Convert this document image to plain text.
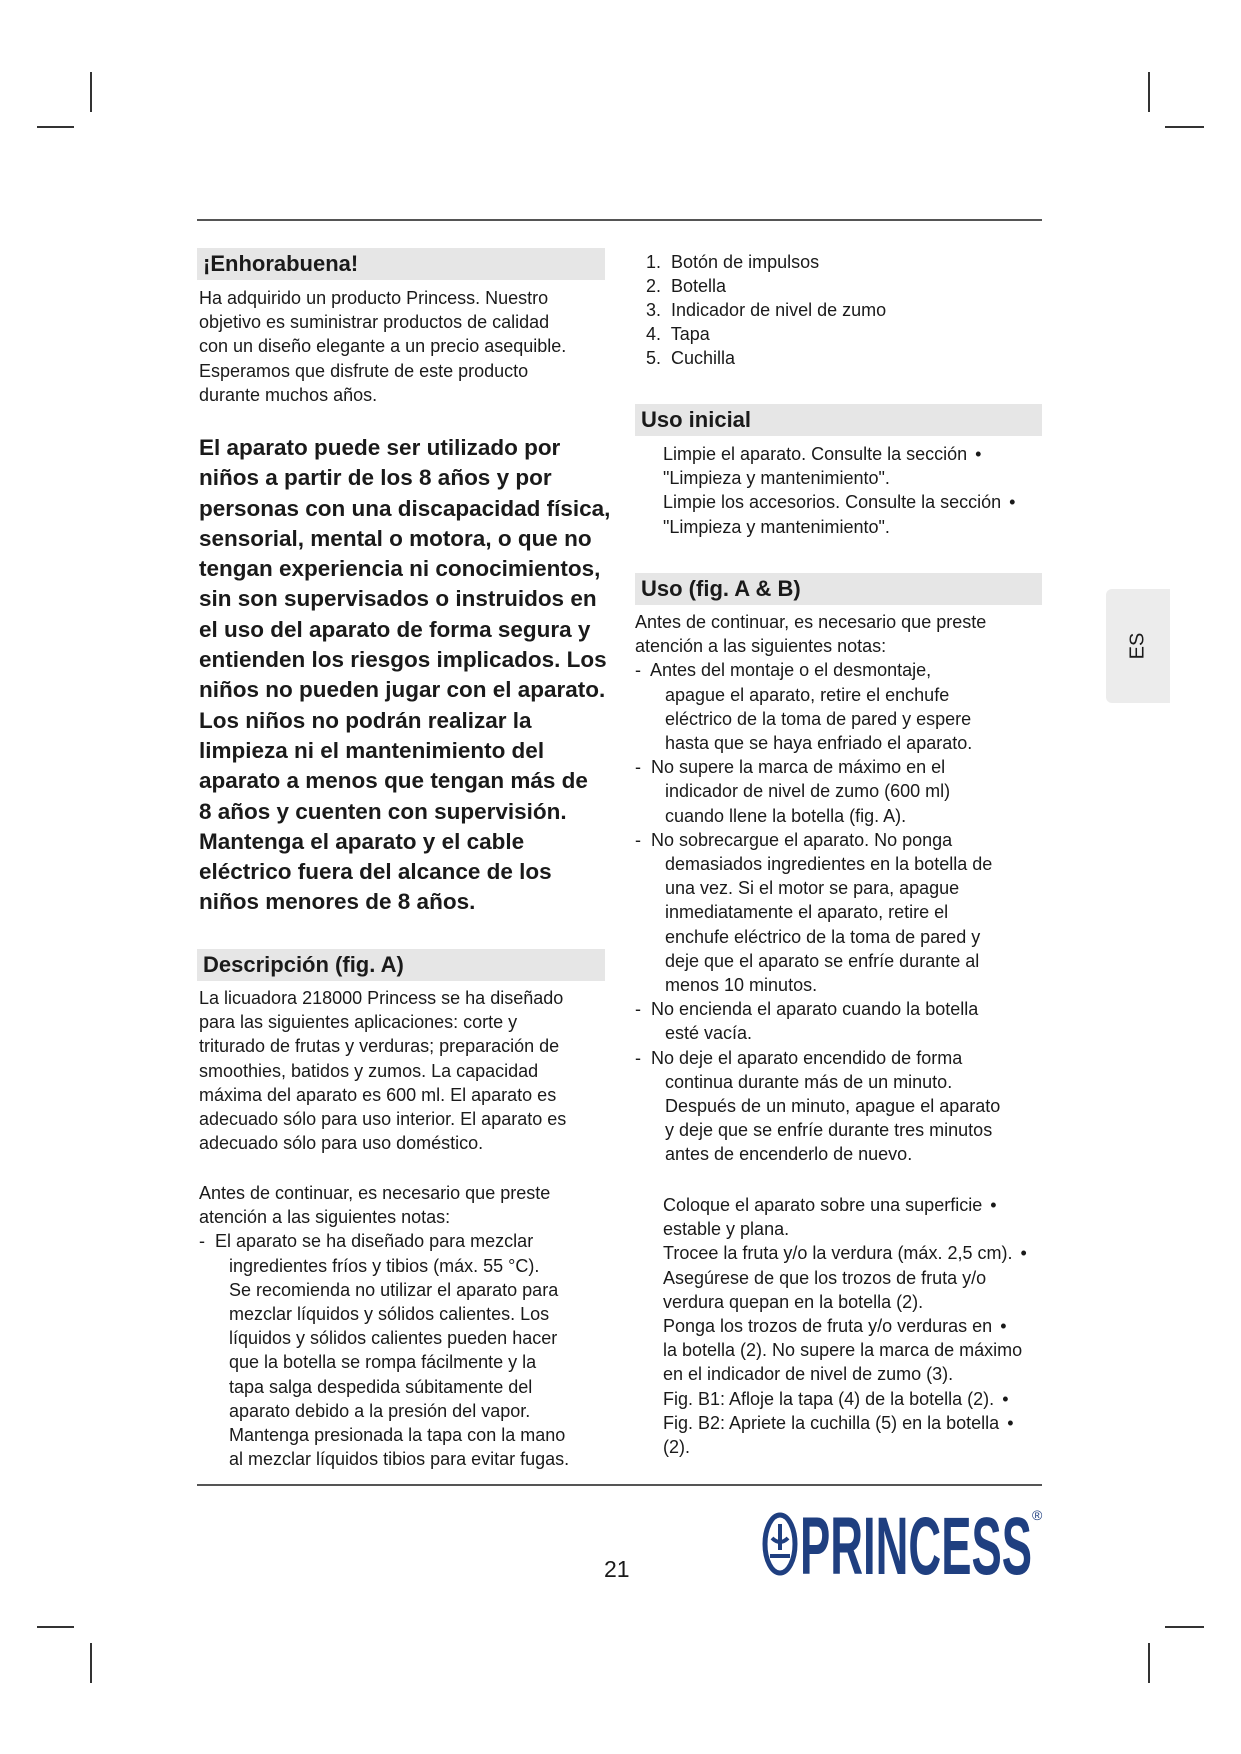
¡Enhorabuena!
Ha adquirido un producto Princess. Nuestro
objetivo es suministrar productos de calidad
con un diseño elegante a un precio asequible.
Esperamos que disfrute de este producto
durante muchos años.
El aparato puede ser utilizado por
niños a partir de los 8 años y por
personas con una discapacidad física,
sensorial, mental o motora, o que no
tengan experiencia ni conocimientos,
sin son supervisados o instruidos en
el uso del aparato de forma segura y
entienden los riesgos implicados. Los
niños no pueden jugar con el aparato.
Los niños no podrán realizar la
limpieza ni el mantenimiento del
aparato a menos que tengan más de
8 años y cuenten con supervisión.
Mantenga el aparato y el cable
eléctrico fuera del alcance de los
niños menores de 8 años.
Descripción (fig. A)
La licuadora 218000 Princess se ha diseñado
para las siguientes aplicaciones: corte y
triturado de frutas y verduras; preparación de
smoothies, batidos y zumos. La capacidad
máxima del aparato es 600 ml. El aparato es
adecuado sólo para uso interior. El aparato es
adecuado sólo para uso doméstico.
Antes de continuar, es necesario que preste
atención a las siguientes notas:
-  El aparato se ha diseñado para mezclar
ingredientes fríos y tibios (máx. 55 °C).
Se recomienda no utilizar el aparato para
mezclar líquidos y sólidos calientes. Los
líquidos y sólidos calientes pueden hacer
que la botella se rompa fácilmente y la
tapa salga despedida súbitamente del
aparato debido a la presión del vapor.
Mantenga presionada la tapa con la mano
al mezclar líquidos tibios para evitar fugas.
1.  Botón de impulsos
2.  Botella
3.  Indicador de nivel de zumo
4.  Tapa
5.  Cuchilla
Uso inicial
Limpie el aparato. Consulte la sección •
"Limpieza y mantenimiento".
Limpie los accesorios. Consulte la sección •
"Limpieza y mantenimiento".
Uso (fig. A & B)
Antes de continuar, es necesario que preste
atención a las siguientes notas:
-  Antes del montaje o el desmontaje,
apague el aparato, retire el enchufe
eléctrico de la toma de pared y espere
hasta que se haya enfriado el aparato.
-  No supere la marca de máximo en el
indicador de nivel de zumo (600 ml)
cuando llene la botella (fig. A).
-  No sobrecargue el aparato. No ponga
demasiados ingredientes en la botella de
una vez. Si el motor se para, apague
inmediatamente el aparato, retire el
enchufe eléctrico de la toma de pared y
deje que el aparato se enfríe durante al
menos 10 minutos.
-  No encienda el aparato cuando la botella
esté vacía.
-  No deje el aparato encendido de forma
continua durante más de un minuto.
Después de un minuto, apague el aparato
y deje que se enfríe durante tres minutos
antes de encenderlo de nuevo.
Coloque el aparato sobre una superficie •
estable y plana.
Trocee la fruta y/o la verdura (máx. 2,5 cm). •
Asegúrese de que los trozos de fruta y/o
verdura quepan en la botella (2).
Ponga los trozos de fruta y/o verduras en •
la botella (2). No supere la marca de máximo
en el indicador de nivel de zumo (3).
Fig. B1: Afloje la tapa (4) de la botella (2). •
Fig. B2: Apriete la cuchilla (5) en la botella •
(2).
ES
21 PRINCESS ®
